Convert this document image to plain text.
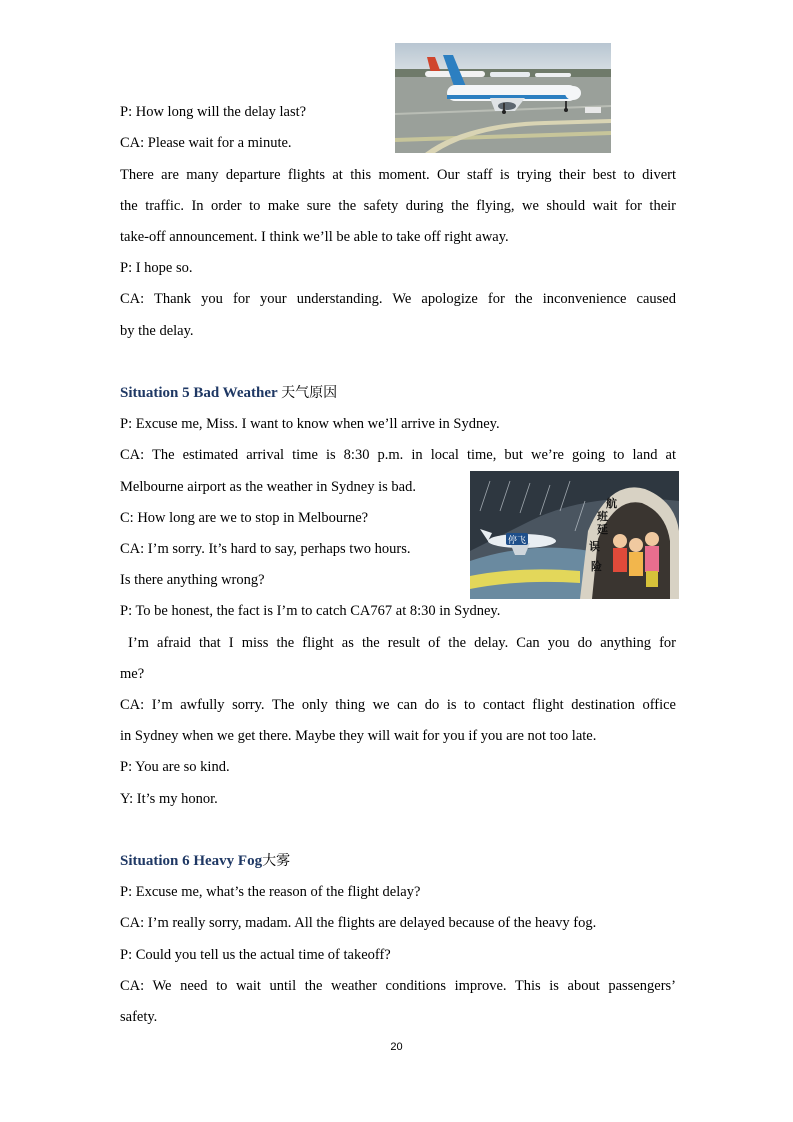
停飞
航
班
延
误
险
P: How long will the delay last?
CA: Please wait for a minute.
There are many departure flights at this moment. Our staff is trying their best to divert
the traffic. In order to make sure the safety during the flying, we should wait for their
take-off announcement. I think we’ll be able to take off right away.
P: I hope so.
CA: Thank you for your understanding. We apologize for the inconvenience caused
by the delay.
Situation 5 Bad Weather 天气原因
P: Excuse me, Miss. I want to know when we’ll arrive in Sydney.
CA: The estimated arrival time is 8:30 p.m. in local time, but we’re going to land at
Melbourne airport as the weather in Sydney is bad.
C: How long are we to stop in Melbourne?
CA: I’m sorry. It’s hard to say, perhaps two hours.
Is there anything wrong?
P: To be honest, the fact is I’m to catch CA767 at 8:30 in Sydney.
I’m afraid that I miss the flight as the result of the delay. Can you do anything for
me?
CA: I’m awfully sorry. The only thing we can do is to contact flight destination office
in Sydney when we get there. Maybe they will wait for you if you are not too late.
P: You are so kind.
Y: It’s my honor.
Situation 6 Heavy Fog大雾
P: Excuse me, what’s the reason of the flight delay?
CA: I’m really sorry, madam. All the flights are delayed because of the heavy fog.
P: Could you tell us the actual time of takeoff?
CA: We need to wait until the weather conditions improve. This is about passengers’
safety.
20
